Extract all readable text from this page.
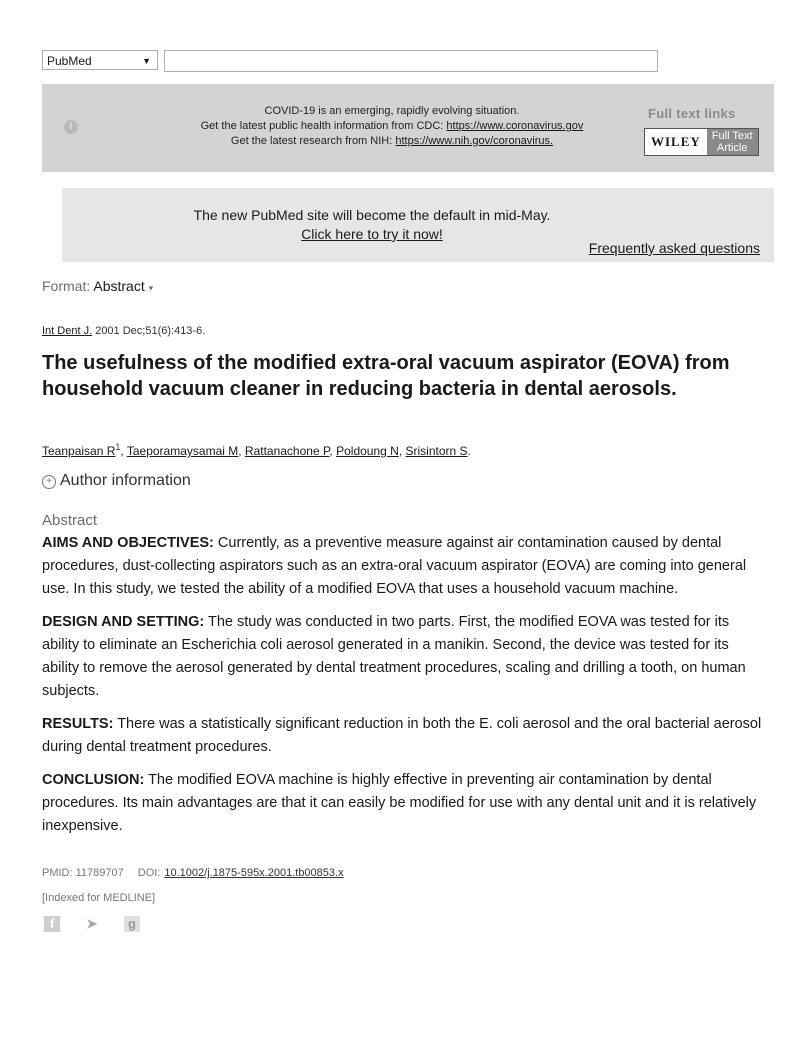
PubMed	▼
i
COVID-19 is an emerging, rapidly evolving situation.
Get the latest public health information from CDC: https://www.coronavirus.gov
Get the latest research from NIH: https://www.nih.gov/coronavirus.
Full text links
WILEY	Full Text
Article
The new PubMed site will become the default in mid-May.
Click here to try it now!
Frequently asked questions
Format: Abstract ▾
Int Dent J. 2001 Dec;51(6):413-6.
The usefulness of the modified extra-oral vacuum aspirator (EOVA) from household vacuum cleaner in reducing bacteria in dental aerosols.
Teanpaisan $R^1$, Taeporamaysamai M, Rattanachone P, Poldoung N, Srisintorn S.
+ Author information
Abstract

AIMS AND OBJECTIVES: Currently, as a preventive measure against air contamination caused by dental procedures, dust-collecting aspirators such as an extra-oral vacuum aspirator (EOVA) are coming into general use. In this study, we tested the ability of a modified EOVA that uses a household vacuum machine.

DESIGN AND SETTING: The study was conducted in two parts. First, the modified EOVA was tested for its ability to eliminate an Escherichia coli aerosol generated in a manikin. Second, the device was tested for its ability to remove the aerosol generated by dental treatment procedures, scaling and drilling a tooth, on human subjects.

RESULTS: There was a statistically significant reduction in both the E. coli aerosol and the oral bacterial aerosol during dental treatment procedures.

CONCLUSION: The modified EOVA machine is highly effective in preventing air contamination by dental procedures. Its main advantages are that it can easily be modified for use with any dental unit and it is relatively inexpensive.

PMID: 11789707 DOI: 10.1002/j.1875-595x.2001.tb00853.x
[Indexed for MEDLINE]
f	➤	g
